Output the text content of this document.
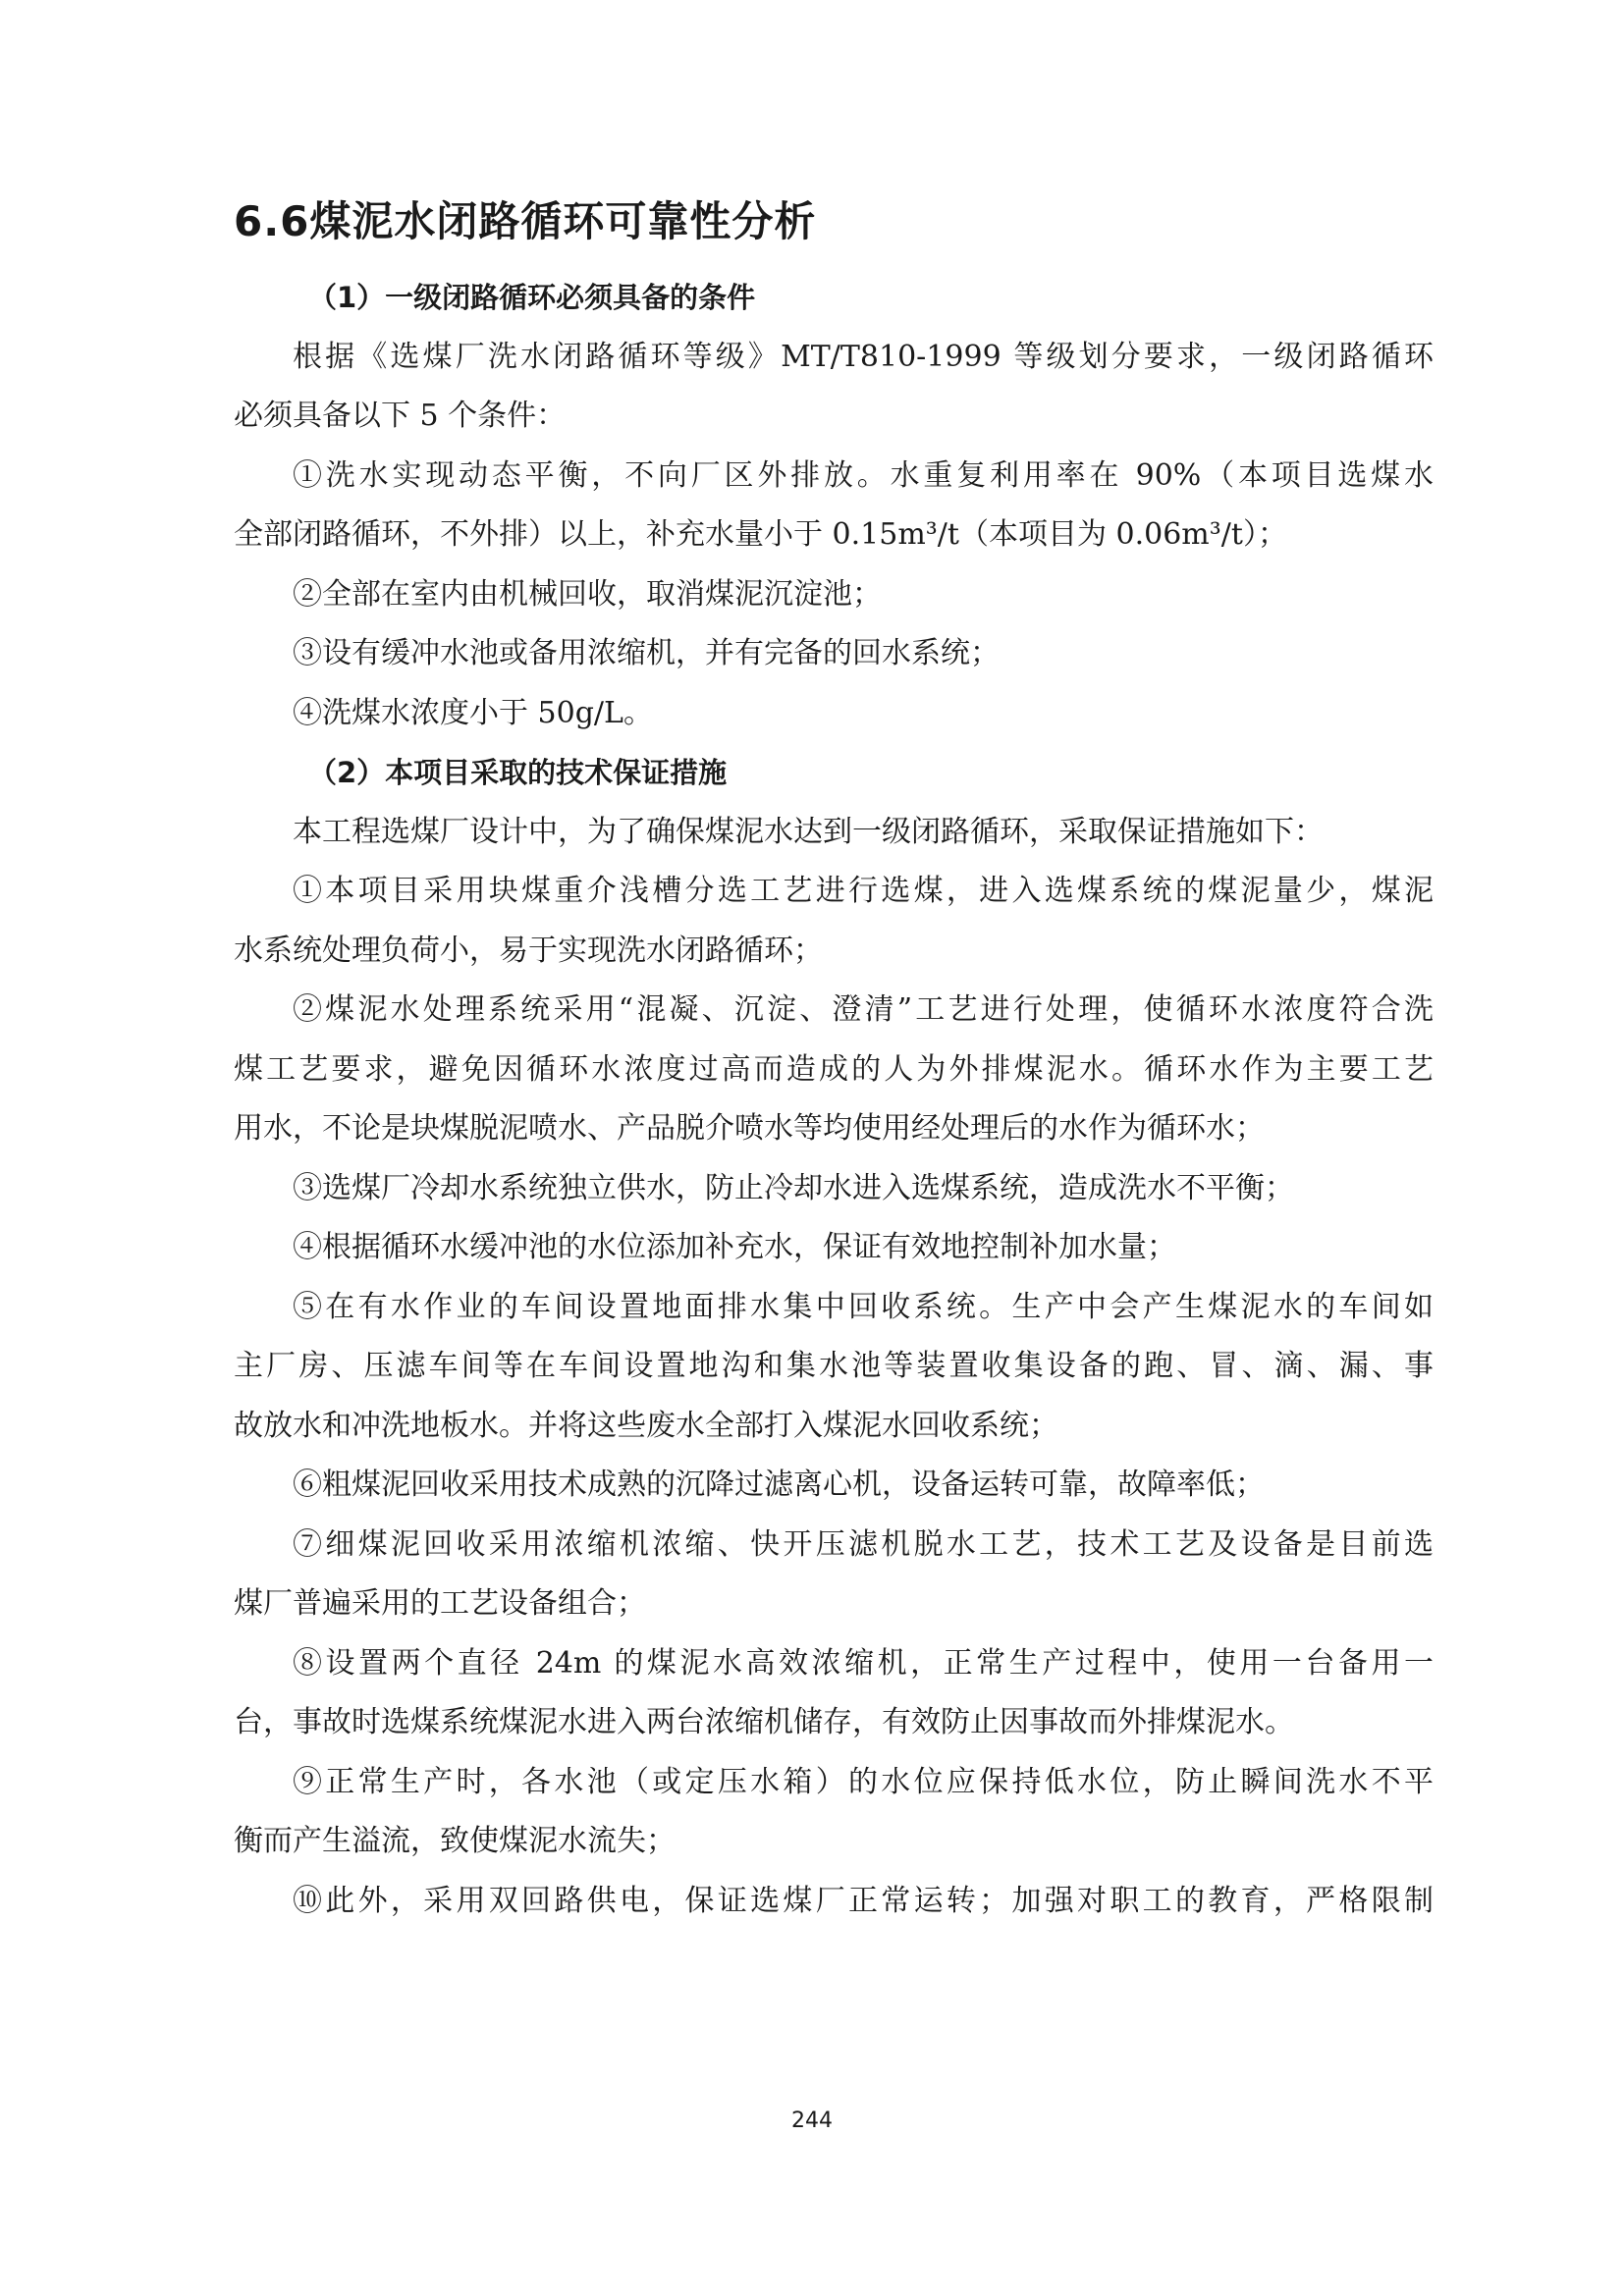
6.6煤泥水闭路循环可靠性分析
（1）一级闭路循环必须具备的条件
根据《选煤厂洗水闭路循环等级》MT/T810-1999 等级划分要求，一级闭路循环
必须具备以下 5 个条件：
①洗水实现动态平衡，不向厂区外排放。水重复利用率在 90%（本项目选煤水
全部闭路循环，不外排）以上，补充水量小于 0.15m³/t（本项目为 0.06m³/t）；
②全部在室内由机械回收，取消煤泥沉淀池；
③设有缓冲水池或备用浓缩机，并有完备的回水系统；
④洗煤水浓度小于 50g/L。
（2）本项目采取的技术保证措施
本工程选煤厂设计中，为了确保煤泥水达到一级闭路循环，采取保证措施如下：
①本项目采用块煤重介浅槽分选工艺进行选煤，进入选煤系统的煤泥量少，煤泥
水系统处理负荷小，易于实现洗水闭路循环；
②煤泥水处理系统采用“混凝、沉淀、澄清”工艺进行处理，使循环水浓度符合洗
煤工艺要求，避免因循环水浓度过高而造成的人为外排煤泥水。循环水作为主要工艺
用水，不论是块煤脱泥喷水、产品脱介喷水等均使用经处理后的水作为循环水；
③选煤厂冷却水系统独立供水，防止冷却水进入选煤系统，造成洗水不平衡；
④根据循环水缓冲池的水位添加补充水，保证有效地控制补加水量；
⑤在有水作业的车间设置地面排水集中回收系统。生产中会产生煤泥水的车间如
主厂房、压滤车间等在车间设置地沟和集水池等装置收集设备的跑、冒、滴、漏、事
故放水和冲洗地板水。并将这些废水全部打入煤泥水回收系统；
⑥粗煤泥回收采用技术成熟的沉降过滤离心机，设备运转可靠，故障率低；
⑦细煤泥回收采用浓缩机浓缩、快开压滤机脱水工艺，技术工艺及设备是目前选
煤厂普遍采用的工艺设备组合；
⑧设置两个直径 24m 的煤泥水高效浓缩机，正常生产过程中，使用一台备用一
台，事故时选煤系统煤泥水进入两台浓缩机储存，有效防止因事故而外排煤泥水。
⑨正常生产时，各水池（或定压水箱）的水位应保持低水位，防止瞬间洗水不平
衡而产生溢流，致使煤泥水流失；
⑩此外，采用双回路供电，保证选煤厂正常运转；加强对职工的教育，严格限制
244
